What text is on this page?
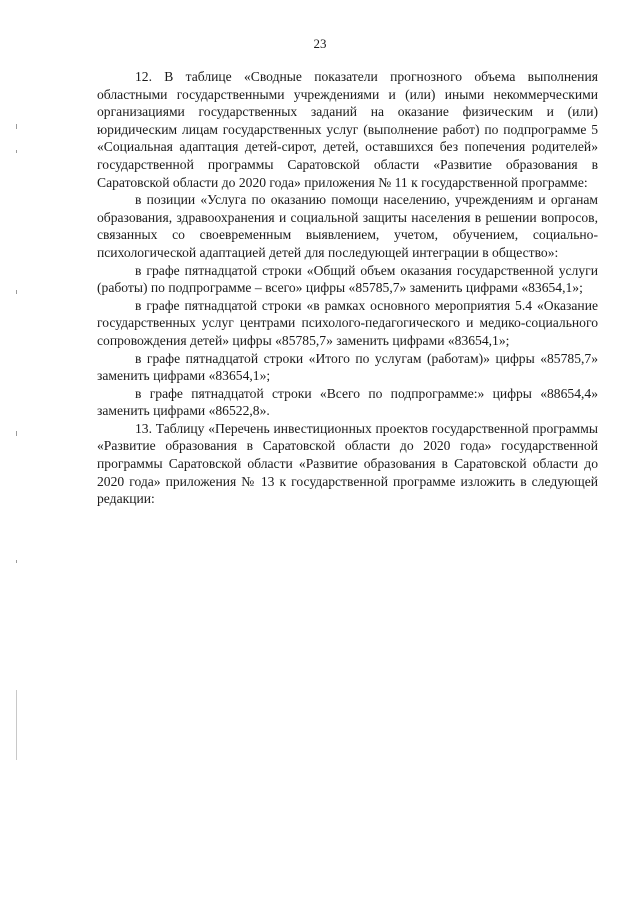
23

12. В таблице «Сводные показатели прогнозного объема выполнения областными государственными учреждениями и (или) иными некоммерческими организациями государственных заданий на оказание физическим и (или) юридическим лицам государственных услуг (выполнение работ) по подпрограмме 5 «Социальная адаптация детей-сирот, детей, оставшихся без попечения родителей» государственной программы Саратовской области «Развитие образования в Саратовской области до 2020 года» приложения № 11 к государственной программе:

в позиции «Услуга по оказанию помощи населению, учреждениям и органам образования, здравоохранения и социальной защиты населения в решении вопросов, связанных со своевременным выявлением, учетом, обучением, социально-психологической адаптацией детей для последующей интеграции в общество»:

в графе пятнадцатой строки «Общий объем оказания государственной услуги (работы) по подпрограмме – всего» цифры «85785,7» заменить цифрами «83654,1»;

в графе пятнадцатой строки «в рамках основного мероприятия 5.4 «Оказание государственных услуг центрами психолого-педагогического и медико-социального сопровождения детей» цифры «85785,7» заменить цифрами «83654,1»;

в графе пятнадцатой строки «Итого по услугам (работам)» цифры «85785,7» заменить цифрами «83654,1»;

в графе пятнадцатой строки «Всего по подпрограмме:» цифры «88654,4» заменить цифрами «86522,8».

13. Таблицу «Перечень инвестиционных проектов государственной программы «Развитие образования в Саратовской области до 2020 года» государственной программы Саратовской области «Развитие образования в Саратовской области до 2020 года» приложения № 13 к государственной программе изложить в следующей редакции:
